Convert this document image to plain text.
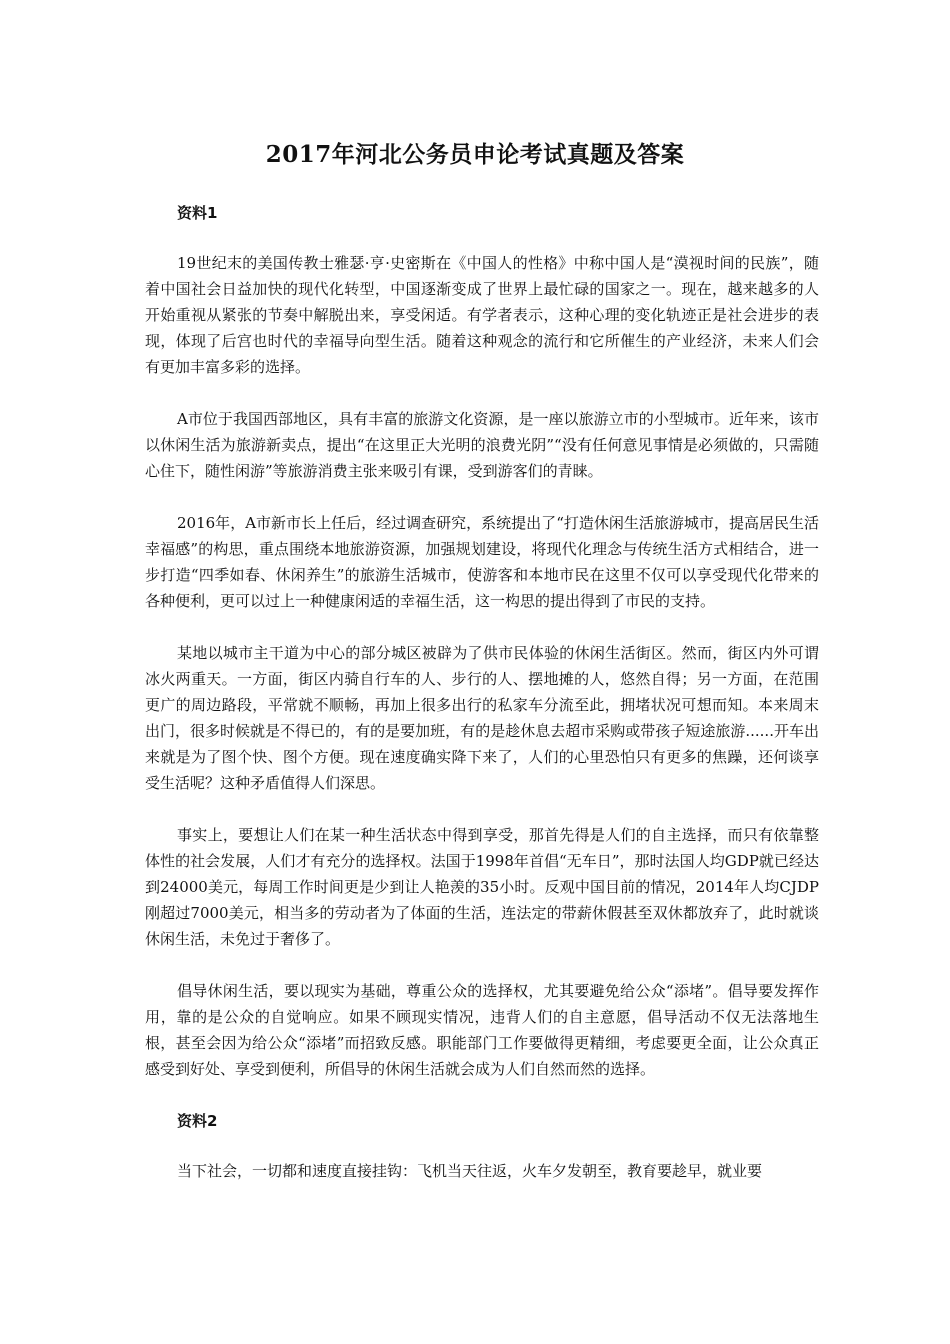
2017年河北公务员申论考试真题及答案
资料1

19世纪末的美国传教士雅瑟·亨·史密斯在《中国人的性格》中称中国人是“漠视时间的民族”，随着中国社会日益加快的现代化转型，中国逐渐变成了世界上最忙碌的国家之一。现在，越来越多的人开始重视从紧张的节奏中解脱出来，享受闲适。有学者表示，这种心理的变化轨迹正是社会进步的表现，体现了后宫也时代的幸福导向型生活。随着这种观念的流行和它所催生的产业经济，未来人们会有更加丰富多彩的选择。

A市位于我国西部地区，具有丰富的旅游文化资源，是一座以旅游立市的小型城市。近年来，该市以休闲生活为旅游新卖点，提出“在这里正大光明的浪费光阴”“没有任何意见事情是必须做的，只需随心住下，随性闲游”等旅游消费主张来吸引有课，受到游客们的青睐。

2016年，A市新市长上任后，经过调查研究，系统提出了“打造休闲生活旅游城市，提高居民生活幸福感”的构思，重点围绕本地旅游资源，加强规划建设，将现代化理念与传统生活方式相结合，进一步打造“四季如春、休闲养生”的旅游生活城市，使游客和本地市民在这里不仅可以享受现代化带来的各种便利，更可以过上一种健康闲适的幸福生活，这一构思的提出得到了市民的支持。

某地以城市主干道为中心的部分城区被辟为了供市民体验的休闲生活街区。然而，街区内外可谓冰火两重天。一方面，街区内骑自行车的人、步行的人、摆地摊的人，悠然自得；另一方面，在范围更广的周边路段，平常就不顺畅，再加上很多出行的私家车分流至此，拥堵状况可想而知。本来周末出门，很多时候就是不得已的，有的是要加班，有的是趁休息去超市采购或带孩子短途旅游......开车出来就是为了图个快、图个方便。现在速度确实降下来了，人们的心里恐怕只有更多的焦躁，还何谈享受生活呢？这种矛盾值得人们深思。

事实上，要想让人们在某一种生活状态中得到享受，那首先得是人们的自主选择，而只有依靠整体性的社会发展，人们才有充分的选择权。法国于1998年首倡“无车日”，那时法国人均GDP就已经达到24000美元，每周工作时间更是少到让人艳羡的35小时。反观中国目前的情况，2014年人均CJDP刚超过7000美元，相当多的劳动者为了体面的生活，连法定的带薪休假甚至双休都放弃了，此时就谈休闲生活，未免过于奢侈了。

倡导休闲生活，要以现实为基础，尊重公众的选择权，尤其要避免给公众“添堵”。倡导要发挥作用，靠的是公众的自觉响应。如果不顾现实情况，违背人们的自主意愿，倡导活动不仅无法落地生根，甚至会因为给公众“添堵”而招致反感。职能部门工作要做得更精细，考虑要更全面，让公众真正感受到好处、享受到便利，所倡导的休闲生活就会成为人们自然而然的选择。

资料2

当下社会，一切都和速度直接挂钩：飞机当天往返，火车夕发朝至，教育要趁早，就业要
